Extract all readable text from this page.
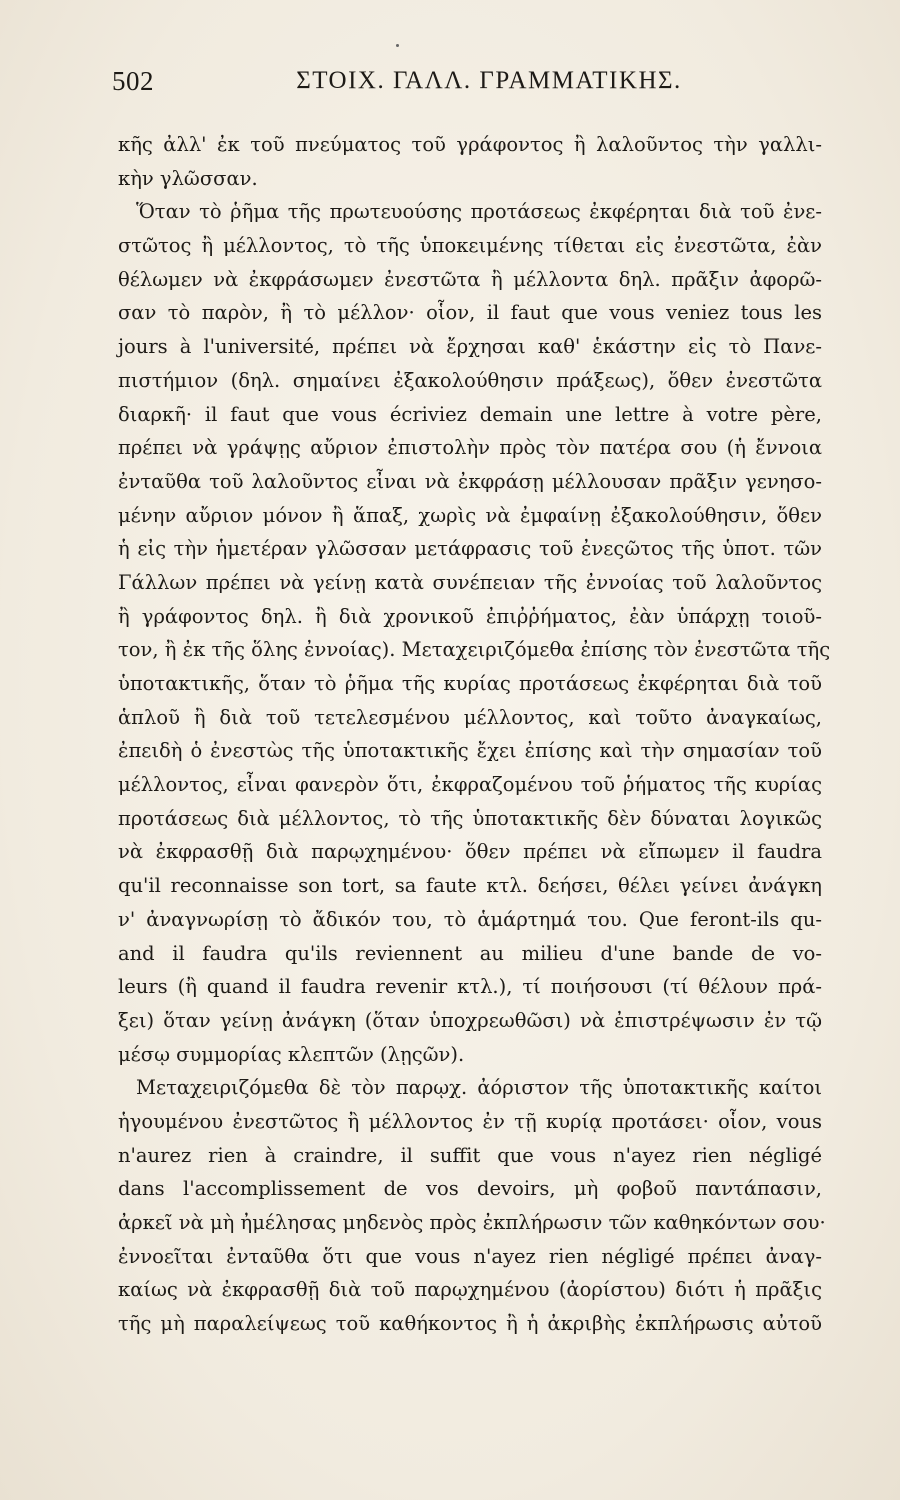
502	ΣΤΟΙΧ. ΓΑΛΛ. ΓΡΑΜΜΑΤΙΚΗΣ.
κῆς ἀλλ' ἐκ τοῦ πνεύματος τοῦ γράφοντος ἢ λαλοῦντος τὴν γαλλι-
κὴν γλῶσσαν.
Ὅταν τὸ ῥῆμα τῆς πρωτευούσης προτάσεως ἐκφέρηται διὰ τοῦ ἐνε-
στῶτος ἢ μέλλοντος, τὸ τῆς ὑποκειμένης τίθεται εἰς ἐνεστῶτα, ἐὰν
θέλωμεν νὰ ἐκφράσωμεν ἐνεστῶτα ἢ μέλλοντα δηλ. πρᾶξιν ἀφορῶ-
σαν τὸ παρὸν, ἢ τὸ μέλλον· οἷον, il faut que vous veniez tous les
jours à l'université, πρέπει νὰ ἔρχησαι καθ' ἑκάστην εἰς τὸ Πανε-
πιστήμιον (δηλ. σημαίνει ἐξακολούθησιν πράξεως), ὅθεν ἐνεστῶτα
διαρκῆ· il faut que vous écriviez demain une lettre à votre père,
πρέπει νὰ γράψῃς αὔριον ἐπιστολὴν πρὸς τὸν πατέρα σου (ἡ ἔννοια
ἐνταῦθα τοῦ λαλοῦντος εἶναι νὰ ἐκφράσῃ μέλλουσαν πρᾶξιν γενησο-
μένην αὔριον μόνον ἢ ἅπαξ, χωρὶς νὰ ἐμφαίνῃ ἐξακολούθησιν, ὅθεν
ἡ εἰς τὴν ἡμετέραν γλῶσσαν μετάφρασις τοῦ ἐνεςῶτος τῆς ὑποτ. τῶν
Γάλλων πρέπει νὰ γείνῃ κατὰ συνέπειαν τῆς ἐννοίας τοῦ λαλοῦντος
ἢ γράφοντος δηλ. ἢ διὰ χρονικοῦ ἐπιῤῥήματος, ἐὰν ὑπάρχῃ τοιοῦ-
τον, ἢ ἐκ τῆς ὅλης ἐννοίας). Μεταχειριζόμεθα ἐπίσης τὸν ἐνεστῶτα τῆς
ὑποτακτικῆς, ὅταν τὸ ῥῆμα τῆς κυρίας προτάσεως ἐκφέρηται διὰ τοῦ
ἁπλοῦ ἢ διὰ τοῦ τετελεσμένου μέλλοντος, καὶ τοῦτο ἀναγκαίως,
ἐπειδὴ ὁ ἐνεστὼς τῆς ὑποτακτικῆς ἔχει ἐπίσης καὶ τὴν σημασίαν τοῦ
μέλλοντος, εἶναι φανερὸν ὅτι, ἐκφραζομένου τοῦ ῥήματος τῆς κυρίας
προτάσεως διὰ μέλλοντος, τὸ τῆς ὑποτακτικῆς δὲν δύναται λογικῶς
νὰ ἐκφρασθῇ διὰ παρῳχημένου· ὅθεν πρέπει νὰ εἴπωμεν il faudra
qu'il reconnaisse son tort, sa faute κτλ. δεήσει, θέλει γείνει ἀνάγκη
ν' ἀναγνωρίσῃ τὸ ἄδικόν του, τὸ ἁμάρτημά του. Que feront-ils qu-
and il faudra qu'ils reviennent au milieu d'une bande de vo-
leurs (ἢ quand il faudra revenir κτλ.), τί ποιήσουσι (τί θέλουν πρά-
ξει) ὅταν γείνῃ ἀνάγκη (ὅταν ὑποχρεωθῶσι) νὰ ἐπιστρέψωσιν ἐν τῷ
μέσῳ συμμορίας κλεπτῶν (λῃςῶν).
Μεταχειριζόμεθα δὲ τὸν παρῳχ. ἀόριστον τῆς ὑποτακτικῆς καίτοι
ἡγουμένου ἐνεστῶτος ἢ μέλλοντος ἐν τῇ κυρίᾳ προτάσει· οἷον, vous
n'aurez rien à craindre, il suffit que vous n'ayez rien négligé
dans l'accomplissement de vos devoirs, μὴ φοβοῦ παντάπασιν,
ἀρκεῖ νὰ μὴ ἠμέλησας μηδενὸς πρὸς ἐκπλήρωσιν τῶν καθηκόντων σου·
ἐννοεῖται ἐνταῦθα ὅτι que vous n'ayez rien négligé πρέπει ἀναγ-
καίως νὰ ἐκφρασθῇ διὰ τοῦ παρῳχημένου (ἀορίστου) διότι ἡ πρᾶξις
τῆς μὴ παραλείψεως τοῦ καθήκοντος ἢ ἡ ἀκριβὴς ἐκπλήρωσις αὐτοῦ
